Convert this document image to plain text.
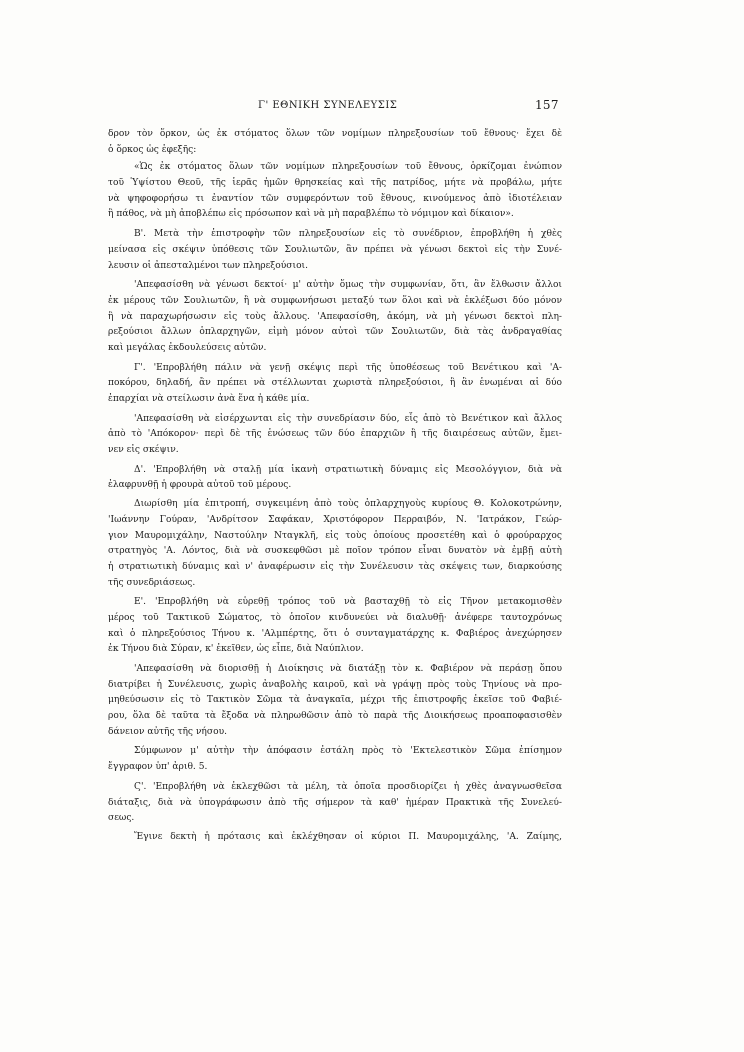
Γ' ΕΘΝΙΚΗ ΣΥΝΕΛΕΥΣΙΣ	157
δρον τὸν ὅρκον, ὡς ἐκ στόματος ὅλων τῶν νομίμων πληρεξουσίων τοῦ ἔθνους· ἔχει δὲ
ὁ ὅρκος ὡς ἑφεξῆς:
«Ὡς ἐκ στόματος ὅλων τῶν νομίμων πληρεξουσίων τοῦ ἔθνους, ὁρκίζομαι ἐνώπιον
τοῦ Ὑψίστου Θεοῦ, τῆς ἱερᾶς ἡμῶν θρησκείας καὶ τῆς πατρίδος, μήτε νὰ προβάλω, μήτε
νὰ ψηφοφορήσω τι ἐναντίον τῶν συμφερόντων τοῦ ἔθνους, κινούμενος ἀπὸ ἰδιοτέλειαν
ἢ πάθος, νὰ μὴ ἀποβλέπω εἰς πρόσωπον καὶ νὰ μὴ παραβλέπω τὸ νόμιμον καὶ δίκαιον».
Β'. Μετὰ τὴν ἐπιστροφὴν τῶν πληρεξουσίων εἰς τὸ συνέδριον, ἐπροβλήθη ἡ χθὲς
μείνασα εἰς σκέψιν ὑπόθεσις τῶν Σουλιωτῶν, ἂν πρέπει νὰ γένωσι δεκτοὶ εἰς τὴν Συνέ-
λευσιν οἱ ἀπεσταλμένοι των πληρεξούσιοι.
'Απεφασίσθη νὰ γένωσι δεκτοί· μ' αὐτὴν ὅμως τὴν συμφωνίαν, ὅτι, ἂν ἔλθωσιν ἄλλοι
ἐκ μέρους τῶν Σουλιωτῶν, ἢ νὰ συμφωνήσωσι μεταξύ των ὅλοι καὶ νὰ ἐκλέξωσι δύο μόνον
ἢ νὰ παραχωρήσωσιν εἰς τοὺς ἄλλους. 'Απεφασίσθη, ἀκόμη, νὰ μὴ γένωσι δεκτοὶ πλη-
ρεξούσιοι ἄλλων ὁπλαρχηγῶν, εἰμὴ μόνον αὐτοὶ τῶν Σουλιωτῶν, διὰ τὰς ἀνδραγαθίας
καὶ μεγάλας ἐκδουλεύσεις αὐτῶν.
Γ'. 'Επροβλήθη πάλιν νὰ γενῇ σκέψις περὶ τῆς ὑποθέσεως τοῦ Βενέτικου καὶ 'Α-
ποκόρου, δηλαδή, ἂν πρέπει νὰ στέλλωνται χωριστὰ πληρεξούσιοι, ἢ ἂν ἑνωμέναι αἱ δύο
ἐπαρχίαι νὰ στείλωσιν ἀνὰ ἕνα ἡ κάθε μία.
'Απεφασίσθη νὰ εἰσέρχωνται εἰς τὴν συνεδρίασιν δύο, εἷς ἀπὸ τὸ Βενέτικον καὶ ἄλλος
ἀπὸ τὸ 'Απόκορον· περὶ δὲ τῆς ἑνώσεως τῶν δύο ἐπαρχιῶν ἢ τῆς διαιρέσεως αὐτῶν, ἔμει-
νεν εἰς σκέψιν.
Δ'. 'Επροβλήθη νὰ σταλῇ μία ἱκανὴ στρατιωτικὴ δύναμις εἰς Μεσολόγγιον, διὰ νὰ
ἐλαφρυνθῇ ἡ φρουρὰ αὐτοῦ τοῦ μέρους.
Διωρίσθη μία ἐπιτροπή, συγκειμένη ἀπὸ τοὺς ὁπλαρχηγοὺς κυρίους Θ. Κολοκοτρώνην,
'Ιωάννην Γούραν, 'Ανδρίτσον Σαφάκαν, Χριστόφορον Περραιβόν, Ν. 'Ιατράκον, Γεώρ-
γιον Μαυρομιχάλην, Ναστούλην Νταγκλῆ, εἰς τοὺς ὁποίους προσετέθη καὶ ὁ φρούραρχος
στρατηγὸς 'Α. Λόντος, διὰ νὰ συσκεφθῶσι μὲ ποῖον τρόπον εἶναι δυνατὸν νὰ ἐμβῇ αὐτὴ
ἡ στρατιωτικὴ δύναμις καὶ ν' ἀναφέρωσιν εἰς τὴν Συνέλευσιν τὰς σκέψεις των, διαρκούσης
τῆς συνεδριάσεως.
Ε'. 'Επροβλήθη νὰ εὑρεθῇ τρόπος τοῦ νὰ βασταχθῇ τὸ εἰς Τῆνον μετακομισθὲν
μέρος τοῦ Τακτικοῦ Σώματος, τὸ ὁποῖον κινδυνεύει νὰ διαλυθῇ· ἀνέφερε ταυτοχρόνως
καὶ ὁ πληρεξούσιος Τήνου κ. 'Αλμπέρτης, ὅτι ὁ συνταγματάρχης κ. Φαβιέρος ἀνεχώρησεν
ἐκ Τήνου διὰ Σύραν, κ' ἐκεῖθεν, ὡς εἶπε, διὰ Ναύπλιον.
'Απεφασίσθη νὰ διορισθῇ ἡ Διοίκησις νὰ διατάξῃ τὸν κ. Φαβιέρον νὰ περάσῃ ὅπου
διατρίβει ἡ Συνέλευσις, χωρὶς ἀναβολὴς καιροῦ, καὶ νὰ γράψῃ πρὸς τοὺς Τηνίους νὰ προ-
μηθεύσωσιν εἰς τὸ Τακτικὸν Σῶμα τὰ ἀναγκαῖα, μέχρι τῆς ἐπιστροφῆς ἐκεῖσε τοῦ Φαβιέ-
ρου, ὅλα δὲ ταῦτα τὰ ἔξοδα νὰ πληρωθῶσιν ἀπὸ τὸ παρὰ τῆς Διοικήσεως προαποφασισθὲν
δάνειον αὐτῆς τῆς νήσου.
Σύμφωνον μ' αὐτὴν τὴν ἀπόφασιν ἐστάλη πρὸς τὸ 'Εκτελεστικὸν Σῶμα ἐπίσημον
ἔγγραφον ὑπ' ἀριθ. 5.
Ϛ'. 'Επροβλήθη νὰ ἐκλεχθῶσι τὰ μέλη, τὰ ὁποῖα προσδιορίζει ἡ χθὲς ἀναγνωσθεῖσα
διάταξις, διὰ νὰ ὑπογράφωσιν ἀπὸ τῆς σήμερον τὰ καθ' ἡμέραν Πρακτικὰ τῆς Συνελεύ-
σεως.
Ἔγινε δεκτὴ ἡ πρότασις καὶ ἐκλέχθησαν οἱ κύριοι Π. Μαυρομιχάλης, 'Α. Ζαίμης,
